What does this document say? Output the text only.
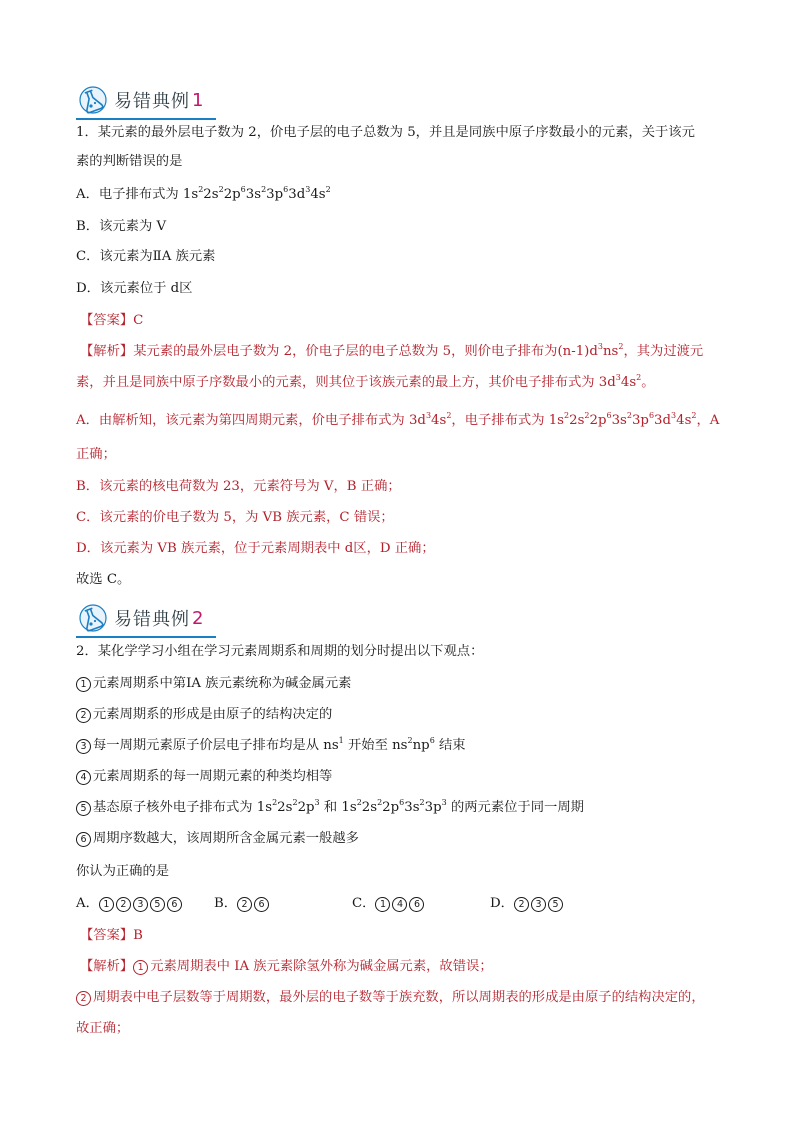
易错典例 1
1．某元素的最外层电子数为 2，价电子层的电子总数为 5，并且是同族中原子序数最小的元素，关于该元
素的判断错误的是
A．电子排布式为 $1s^22s^22p^63s^23p^63d^34s^2$
B．该元素为 V
C．该元素为ⅡA 族元素
D．该元素位于 d区
【答案】C
【解析】某元素的最外层电子数为 2，价电子层的电子总数为 5，则价电子排布为$(n-1)d^3ns^2$，其为过渡元
素，并且是同族中原子序数最小的元素，则其位于该族元素的最上方，其价电子排布式为 $3d^34s^2$。
A．由解析知，该元素为第四周期元素，价电子排布式为 $3d^34s^2$，电子排布式为 $1s^22s^22p^63s^23p^63d^34s^2$，A
正确；
B．该元素的核电荷数为 23，元素符号为 V，B 正确；
C．该元素的价电子数为 5，为 VB 族元素，C 错误；
D．该元素为 VB 族元素，位于元素周期表中 d区，D 正确；
故选 C。
易错典例 2
2．某化学学习小组在学习元素周期系和周期的划分时提出以下观点：
1 元素周期系中第ⅠA 族元素统称为碱金属元素
2 元素周期系的形成是由原子的结构决定的
3 每一周期元素原子价层电子排布均是从 $ns^1$ 开始至 $ns^2np^6$ 结束
4 元素周期系的每一周期元素的种类均相等
5 基态原子核外电子排布式为 $1s^22s^22p^3$ 和 $1s^22s^22p^63s^23p^3$ 的两元素位于同一周期
6 周期序数越大，该周期所含金属元素一般越多
你认为正确的是
A． 1 2 3 5 6	B． 2 6	C． 1 4 6	D． 2 3 5
【答案】B
【解析】 1 元素周期表中 IA 族元素除氢外称为碱金属元素，故错误；
2 周期表中电子层数等于周期数，最外层的电子数等于族充数，所以周期表的形成是由原子的结构决定的，
故正确；
